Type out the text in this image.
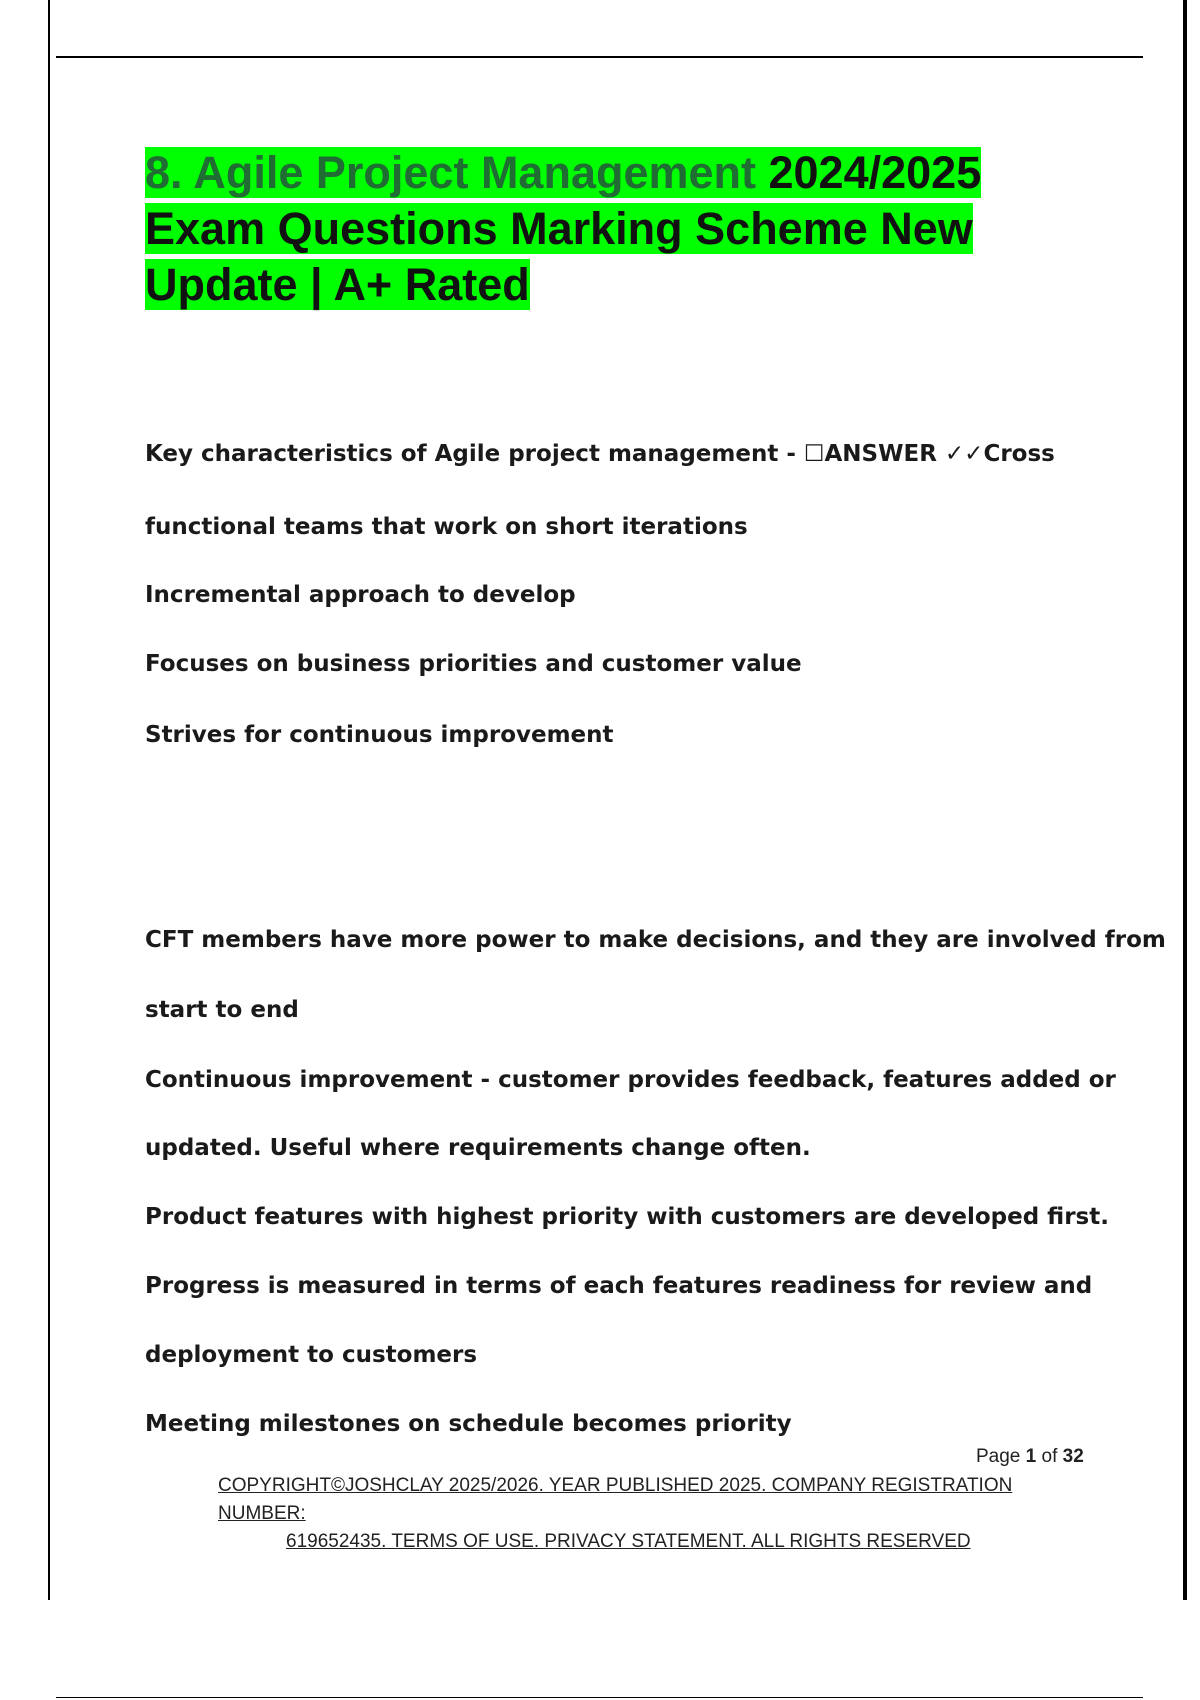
8. Agile Project Management 2024/2025
Exam Questions Marking Scheme New
Update | A+ Rated
Key characteristics of Agile project management - ☐ANSWER ✓✓Cross
functional teams that work on short iterations
Incremental approach to develop
Focuses on business priorities and customer value
Strives for continuous improvement
CFT members have more power to make decisions, and they are involved from
start to end
Continuous improvement - customer provides feedback, features added or
updated. Useful where requirements change often.
Product features with highest priority with customers are developed first.
Progress is measured in terms of each features readiness for review and
deployment to customers
Meeting milestones on schedule becomes priority
Page 1 of 32
COPYRIGHT©JOSHCLAY 2025/2026. YEAR PUBLISHED 2025. COMPANY REGISTRATION NUMBER:
619652435. TERMS OF USE. PRIVACY STATEMENT. ALL RIGHTS RESERVED
